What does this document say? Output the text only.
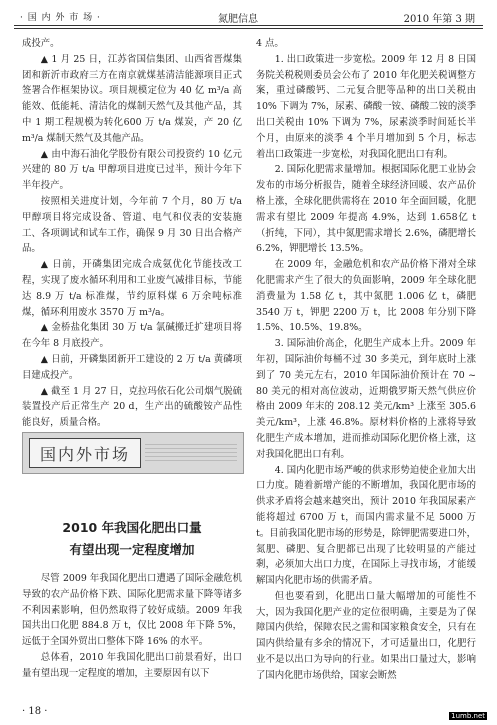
· 国 内 外 市 场 ·	氮肥信息	2010 年第 3 期

成投产。

▲ 1 月 25 日，江苏省国信集团、山西省晋煤集团和新沂市政府三方在南京就煤基清洁能源项目正式签署合作框架协议。项目规模定位为 40 亿 m³/a 高能效、低能耗、清洁化的煤制天然气及其他产品，其中 1 期工程规模为转化600 万 t/a 煤炭，产 20 亿 m³/a 煤制天然气及其他产品。

▲ 由中海石油化学股份有限公司投资约 10 亿元兴建的 80 万 t/a 甲醇项目进度已过半，预计今年下半年投产。

按照相关进度计划，今年前 7 个月，80 万 t/a 甲醇项目将完成设备、管道、电气和仪表的安装施工、各项调试和试车工作，确保 9 月 30 日出合格产品。

▲ 日前，开磷集团完成合成氨优化节能技改工程，实现了废水循环利用和工业废气减排目标，节能达 8.9 万 t/a 标准煤，节约原料煤 6 万余吨标准煤，循环利用废水 3570 万 m³/a。

▲ 金桥盐化集团 30 万 t/a 氯碱搬迁扩建项目将在今年 8 月底投产。

▲ 日前，开磷集团新开工建设的 2 万 t/a 黄磷项目建成投产。

▲ 截至 1 月 27 日，克拉玛依石化公司烟气脱硫装置投产后正常生产 20 d，生产出的硫酸铵产品性能良好，质量合格。

国内外市场
2010 年我国化肥出口量
有望出现一定程度增加

尽管 2009 年我国化肥出口遭遇了国际金融危机导致的农产品价格下跌、国际化肥需求量下降等诸多不利因素影响，但仍然取得了较好成绩。2009 年我国共出口化肥 884.8 万 t，仅比 2008 年下降 5%，远低于全国外贸出口整体下降 16% 的水平。

总体看，2010 年我国化肥出口前景看好，出口量有望出现一定程度的增加，主要原因有以下

4 点。

1. 出口政策进一步宽松。2009 年 12 月 8 日国务院关税税则委员会公布了 2010 年化肥关税调整方案，重过磷酸钙、二元复合肥等品种的出口关税由 10% 下调为 7%，尿素、磷酸一铵、磷酸二铵的淡季出口关税由 10% 下调为 7%，尿素淡季时间延长半个月，由原来的淡季 4 个半月增加到 5 个月，标志着出口政策进一步宽松，对我国化肥出口有利。

2. 国际化肥需求量增加。根据国际化肥工业协会发布的市场分析报告，随着全球经济回暖、农产品价格上涨，全球化肥供需将在 2010 年全面回暖，化肥需求有望比 2009 年提高 4.9%，达到 1.658亿 t（折纯，下同），其中氮肥需求增长 2.6%，磷肥增长 6.2%，钾肥增长 13.5%。

在 2009 年，金融危机和农产品价格下滑对全球化肥需求产生了很大的负面影响，2009 年全球化肥消费量为 1.58 亿 t，其中氮肥 1.006 亿 t，磷肥 3540 万 t，钾肥 2200 万 t，比 2008 年分别下降 1.5%、10.5%、19.8%。

3. 国际油价高企，化肥生产成本上升。2009 年年初，国际油价每桶不过 30 多美元，到年底时上涨到了 70 美元左右，2010 年国际油价预计在 70 ~ 80 美元的相对高位波动，近期俄罗斯天然气供应价格由 2009 年末的 208.12 美元/km³ 上涨至 305.6 美元/km³，上涨 46.8%。原材料价格的上涨将导致化肥生产成本增加，进而推动国际化肥价格上涨，这对我国化肥出口有利。

4. 国内化肥市场严峻的供求形势迫使企业加大出口力度。随着新增产能的不断增加，我国化肥市场的供求矛盾将会越来越突出，预计 2010 年我国尿素产能将超过 6700 万 t，而国内需求量不足 5000 万 t。目前我国化肥市场的形势是，除钾肥需要进口外，氮肥、磷肥、复合肥都已出现了比较明显的产能过剩，必须加大出口力度，在国际上寻找市场，才能缓解国内化肥市场的供需矛盾。

但也要看到，化肥出口量大幅增加的可能性不大，因为我国化肥产业的定位很明确，主要是为了保障国内供给，保障农民之需和国家粮食安全，只有在国内供给量有多余的情况下，才可适量出口，化肥行业不是以出口为导向的行业。如果出口量过大，影响了国内化肥市场供给，国家会断然

· 18 ·	1umb.net
